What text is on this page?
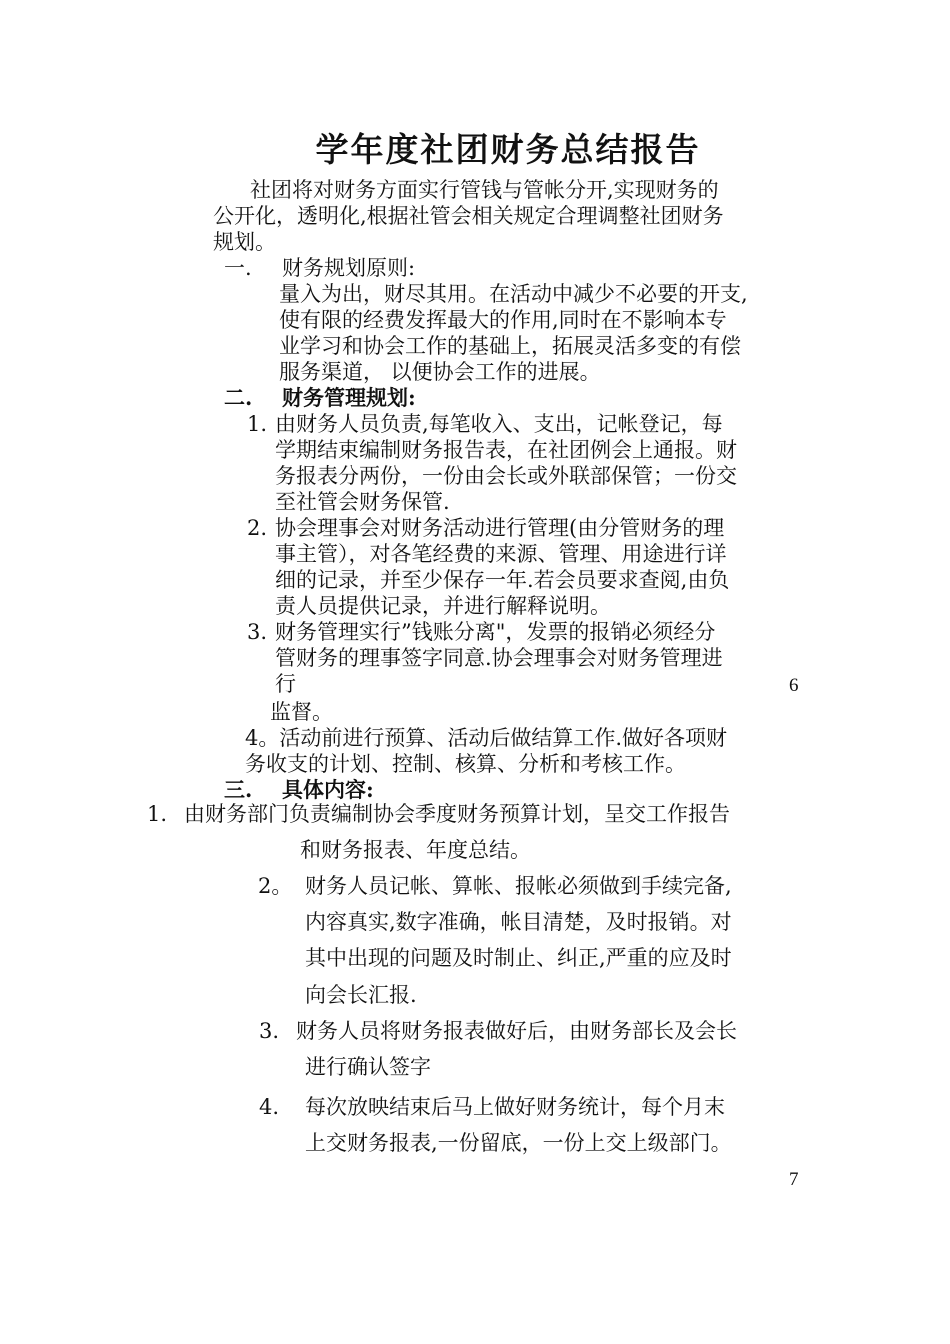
学年度社团财务总结报告
社团将对财务方面实行管钱与管帐分开,实现财务的
公开化，透明化,根据社管会相关规定合理调整社团财务
规划。
一. 财务规划原则:
量入为出，财尽其用。在活动中减少不必要的开支,
使有限的经费发挥最大的作用,同时在不影响本专
业学习和协会工作的基础上，拓展灵活多变的有偿
服务渠道， 以便协会工作的进展。
二. 财务管理规划:
1. 由财务人员负责,每笔收入、支出，记帐登记，每
学期结束编制财务报告表，在社团例会上通报。财
务报表分两份，一份由会长或外联部保管；一份交
至社管会财务保管.
2. 协会理事会对财务活动进行管理(由分管财务的理
事主管），对各笔经费的来源、管理、用途进行详
细的记录，并至少保存一年.若会员要求查阅,由负
责人员提供记录，并进行解释说明。
3. 财务管理实行”钱账分离"，发票的报销必须经分
管财务的理事签字同意.协会理事会对财务管理进
行	6
监督。
4。活动前进行预算、活动后做结算工作.做好各项财
务收支的计划、控制、核算、分析和考核工作。
三. 具体内容:
1. 由财务部门负责编制协会季度财务预算计划，呈交工作报告
和财务报表、年度总结。
2。 财务人员记帐、算帐、报帐必须做到手续完备,
内容真实,数字准确，帐目清楚，及时报销。对
其中出现的问题及时制止、纠正,严重的应及时
向会长汇报.
3. 财务人员将财务报表做好后，由财务部长及会长
进行确认签字
4. 每次放映结束后马上做好财务统计，每个月末
上交财务报表,一份留底，一份上交上级部门。
7
